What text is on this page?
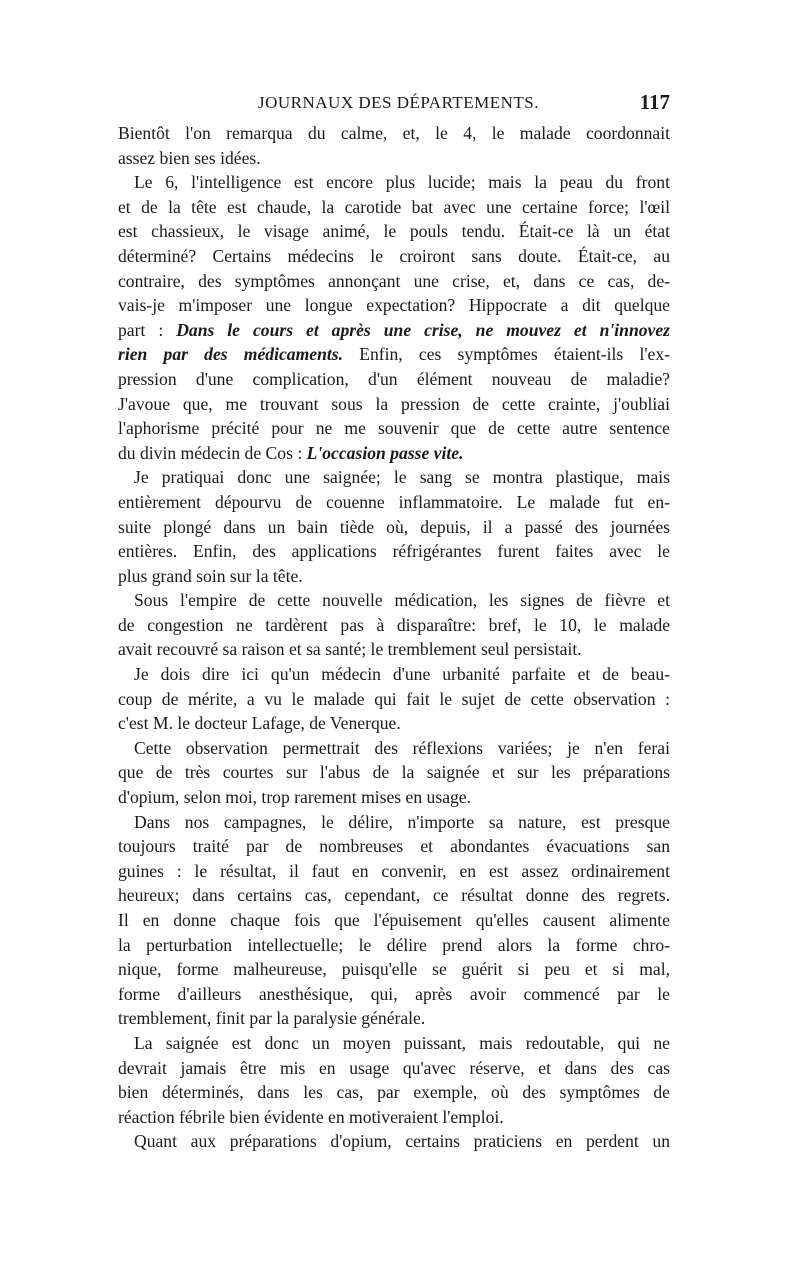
JOURNAUX DES DÉPARTEMENTS.	117
Bientôt l'on remarqua du calme, et, le 4, le malade coordonnait
assez bien ses idées.
Le 6, l'intelligence est encore plus lucide; mais la peau du front
et de la tête est chaude, la carotide bat avec une certaine force; l'œil
est chassieux, le visage animé, le pouls tendu. Était-ce là un état
déterminé? Certains médecins le croiront sans doute. Était-ce, au
contraire, des symptômes annonçant une crise, et, dans ce cas, de-
vais-je m'imposer une longue expectation? Hippocrate a dit quelque
part : Dans le cours et après une crise, ne mouvez et n'innovez
rien par des médicaments. Enfin, ces symptômes étaient-ils l'ex-
pression d'une complication, d'un élément nouveau de maladie?
J'avoue que, me trouvant sous la pression de cette crainte, j'oubliai
l'aphorisme précité pour ne me souvenir que de cette autre sentence
du divin médecin de Cos : L'occasion passe vite.
Je pratiquai donc une saignée; le sang se montra plastique, mais
entièrement dépourvu de couenne inflammatoire. Le malade fut en-
suite plongé dans un bain tiède où, depuis, il a passé des journées
entières. Enfin, des applications réfrigérantes furent faites avec le
plus grand soin sur la tête.
Sous l'empire de cette nouvelle médication, les signes de fièvre et
de congestion ne tardèrent pas à disparaître: bref, le 10, le malade
avait recouvré sa raison et sa santé; le tremblement seul persistait.
Je dois dire ici qu'un médecin d'une urbanité parfaite et de beau-
coup de mérite, a vu le malade qui fait le sujet de cette observation :
c'est M. le docteur Lafage, de Venerque.
Cette observation permettrait des réflexions variées; je n'en ferai
que de très courtes sur l'abus de la saignée et sur les préparations
d'opium, selon moi, trop rarement mises en usage.
Dans nos campagnes, le délire, n'importe sa nature, est presque
toujours traité par de nombreuses et abondantes évacuations san
guines : le résultat, il faut en convenir, en est assez ordinairement
heureux; dans certains cas, cependant, ce résultat donne des regrets.
Il en donne chaque fois que l'épuisement qu'elles causent alimente
la perturbation intellectuelle; le délire prend alors la forme chro-
nique, forme malheureuse, puisqu'elle se guérit si peu et si mal,
forme d'ailleurs anesthésique, qui, après avoir commencé par le
tremblement, finit par la paralysie générale.
La saignée est donc un moyen puissant, mais redoutable, qui ne
devrait jamais être mis en usage qu'avec réserve, et dans des cas
bien déterminés, dans les cas, par exemple, où des symptômes de
réaction fébrile bien évidente en motiveraient l'emploi.
Quant aux préparations d'opium, certains praticiens en perdent un
